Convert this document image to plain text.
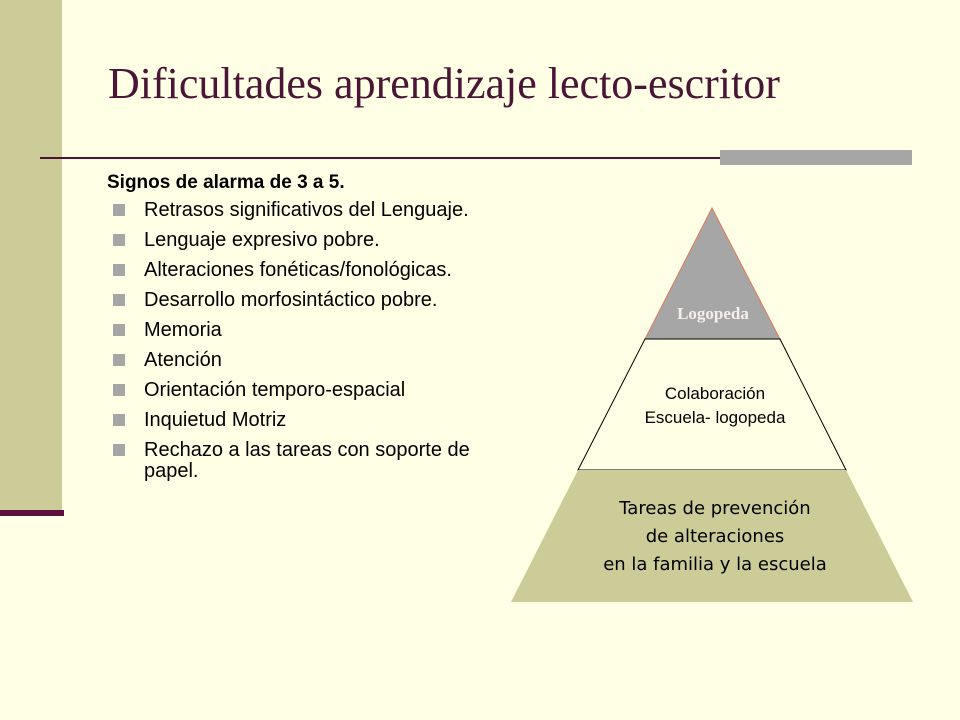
Dificultades aprendizaje lecto-escritor

Signos de alarma de 3 a 5.

Retrasos significativos del Lenguaje.
Lenguaje expresivo pobre.
Alteraciones fonéticas/fonológicas.
Desarrollo morfosintáctico pobre.
Memoria
Atención
Orientación temporo-espacial
Inquietud Motriz
Rechazo a las tareas con soporte de papel.
Logopeda
Colaboración
Escuela- logopeda
Tareas de prevención
de alteraciones
en la familia y la escuela
